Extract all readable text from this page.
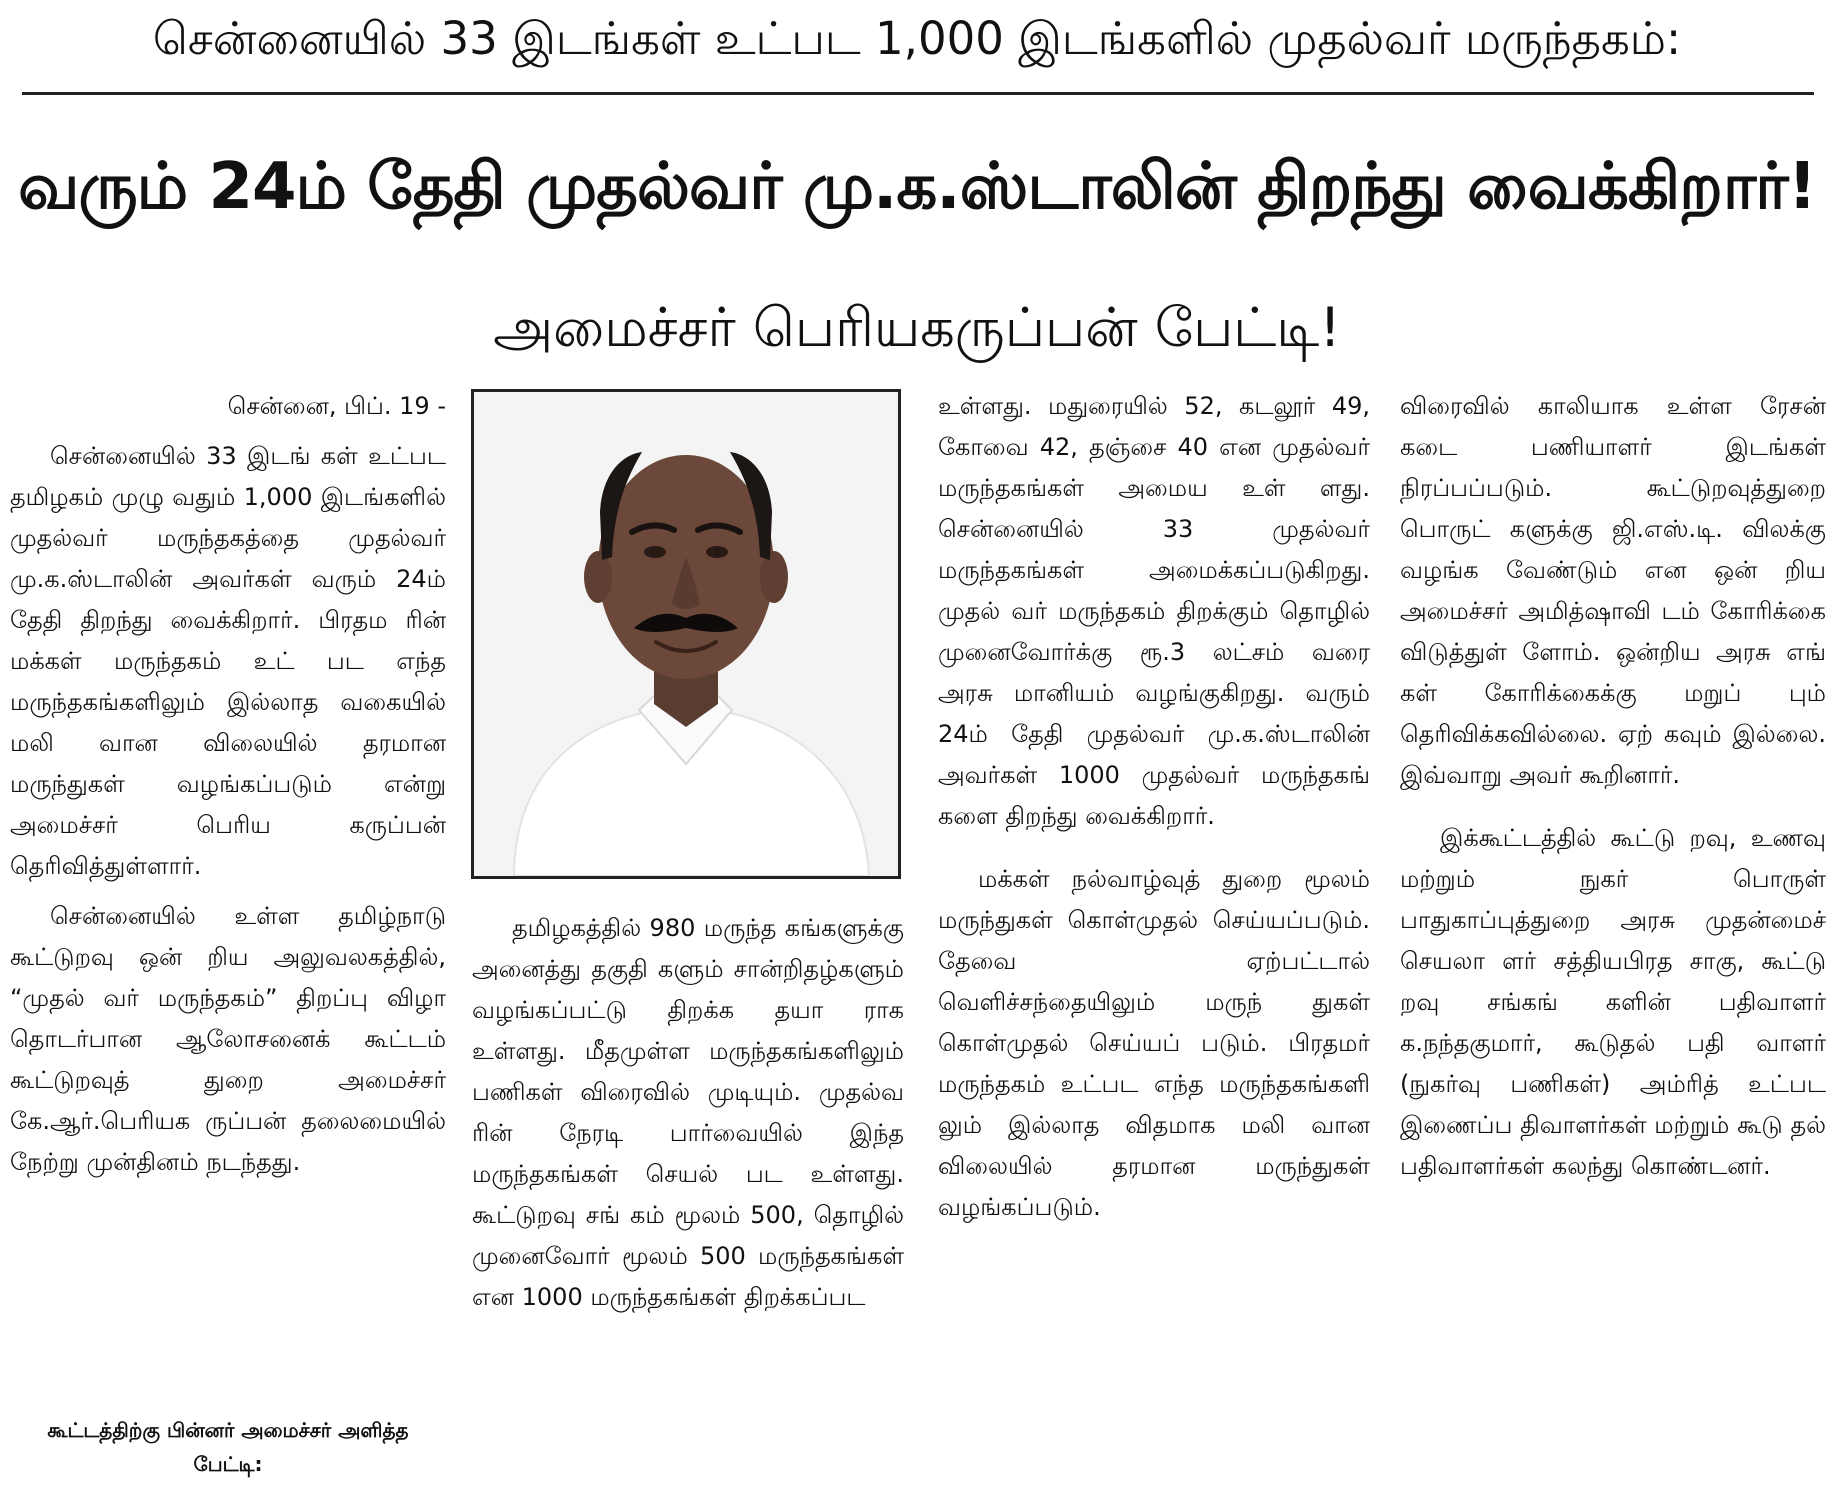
சென்னையில் 33 இடங்கள் உட்பட 1,000 இடங்களில் முதல்வர் மருந்தகம்:
வரும் 24ம் தேதி முதல்வர் மு.க.ஸ்டாலின் திறந்து வைக்கிறார்!
அமைச்சர் பெரியகருப்பன் பேட்டி!

சென்னை, பிப். 19 -

சென்னையில் 33 இடங் கள் உட்பட தமிழகம் முழு வதும் 1,000 இடங்களில் முதல்வர் மருந்தகத்தை முதல்வர் மு.க.ஸ்டாலின் அவர்கள் வரும் 24ம் தேதி திறந்து வைக்கிறார். பிரதம ரின் மக்கள் மருந்தகம் உட் பட எந்த மருந்தகங்களிலும் இல்லாத வகையில் மலி வான விலையில் தரமான மருந்துகள் வழங்கப்படும் என்று அமைச்சர் பெரிய கருப்பன் தெரிவித்துள்ளார்.

சென்னையில் உள்ள தமிழ்நாடு கூட்டுறவு ஒன் றிய அலுவலகத்தில், “முதல் வர் மருந்தகம்” திறப்பு விழா தொடர்பான ஆலோசனைக் கூட்டம் கூட்டுறவுத் துறை அமைச்சர் கே.ஆர்.பெரியக ருப்பன் தலைமையில் நேற்று முன்தினம் நடந்தது.

கூட்டத்திற்கு பின்னர் அமைச்சர் அளித்த பேட்டி:

தமிழகத்தில் 980 மருந்த கங்களுக்கு அனைத்து தகுதி களும் சான்றிதழ்களும் வழங்கப்பட்டு திறக்க தயா ராக உள்ளது. மீதமுள்ள மருந்தகங்களிலும் பணிகள் விரைவில் முடியும். முதல்வ ரின் நேரடி பார்வையில் இந்த மருந்தகங்கள் செயல் பட உள்ளது. கூட்டுறவு சங் கம் மூலம் 500, தொழில் முனைவோர் மூலம் 500 மருந்தகங்கள் என 1000 மருந்தகங்கள் திறக்கப்பட

உள்ளது. மதுரையில் 52, கடலூர் 49, கோவை 42, தஞ்சை 40 என முதல்வர் மருந்தகங்கள் அமைய உள் ளது. சென்னையில் 33 முதல்வர் மருந்தகங்கள் அமைக்கப்படுகிறது. முதல் வர் மருந்தகம் திறக்கும் தொழில் முனைவோர்க்கு ரூ.3 லட்சம் வரை அரசு மானியம் வழங்குகிறது. வரும் 24ம் தேதி முதல்வர் மு.க.ஸ்டாலின் அவர்கள் 1000 முதல்வர் மருந்தகங் களை திறந்து வைக்கிறார்.

மக்கள் நல்வாழ்வுத் துறை மூலம் மருந்துகள் கொள்முதல் செய்யப்படும். தேவை ஏற்பட்டால் வெளிச்சந்தையிலும் மருந் துகள் கொள்முதல் செய்யப் படும். பிரதமர் மருந்தகம் உட்பட எந்த மருந்தகங்களி லும் இல்லாத விதமாக மலி வான விலையில் தரமான மருந்துகள் வழங்கப்படும்.

விரைவில் காலியாக உள்ள ரேசன் கடை பணியாளர் இடங்கள் நிரப்பப்படும். கூட்டுறவுத்துறை பொருட் களுக்கு ஜி.எஸ்.டி. விலக்கு வழங்க வேண்டும் என ஒன் றிய அமைச்சர் அமித்ஷாவி டம் கோரிக்கை விடுத்துள் ளோம். ஒன்றிய அரசு எங் கள் கோரிக்கைக்கு மறுப் பும் தெரிவிக்கவில்லை. ஏற் கவும் இல்லை. இவ்வாறு அவர் கூறினார்.

இக்கூட்டத்தில் கூட்டு றவு, உணவு மற்றும் நுகர் பொருள் பாதுகாப்புத்துறை அரசு முதன்மைச் செயலா ளர் சத்தியபிரத சாகு, கூட்டு றவு சங்கங் களின் பதிவாளர் க.நந்தகுமார், கூடுதல் பதி வாளர் (நுகர்வு பணிகள்) அம்ரித் உட்பட இணைப்ப திவாளர்கள் மற்றும் கூடு தல் பதிவாளர்கள் கலந்து கொண்டனர்.
